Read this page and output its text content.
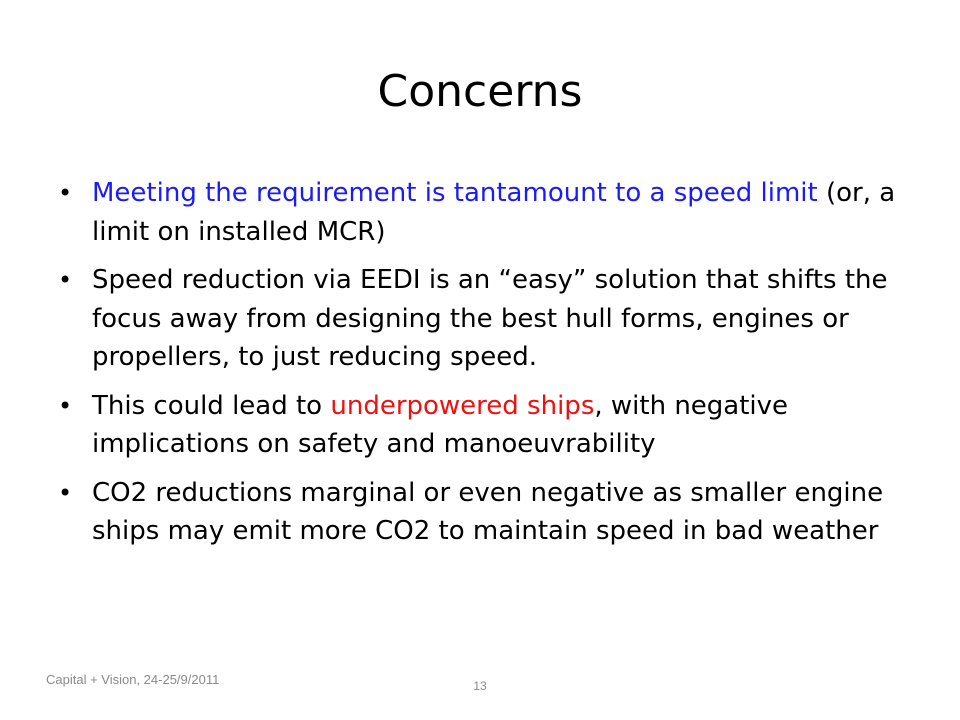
Concerns
• Meeting the requirement is tantamount to a speed limit (or, a limit on installed MCR)
• Speed reduction via EEDI is an “easy” solution that shifts the focus away from designing the best hull forms, engines or propellers, to just reducing speed.
• This could lead to underpowered ships, with negative implications on safety and manoeuvrability
• CO2 reductions marginal or even negative as smaller engine ships may emit more CO2 to maintain speed in bad weather
Capital + Vision, 24-25/9/2011	13
